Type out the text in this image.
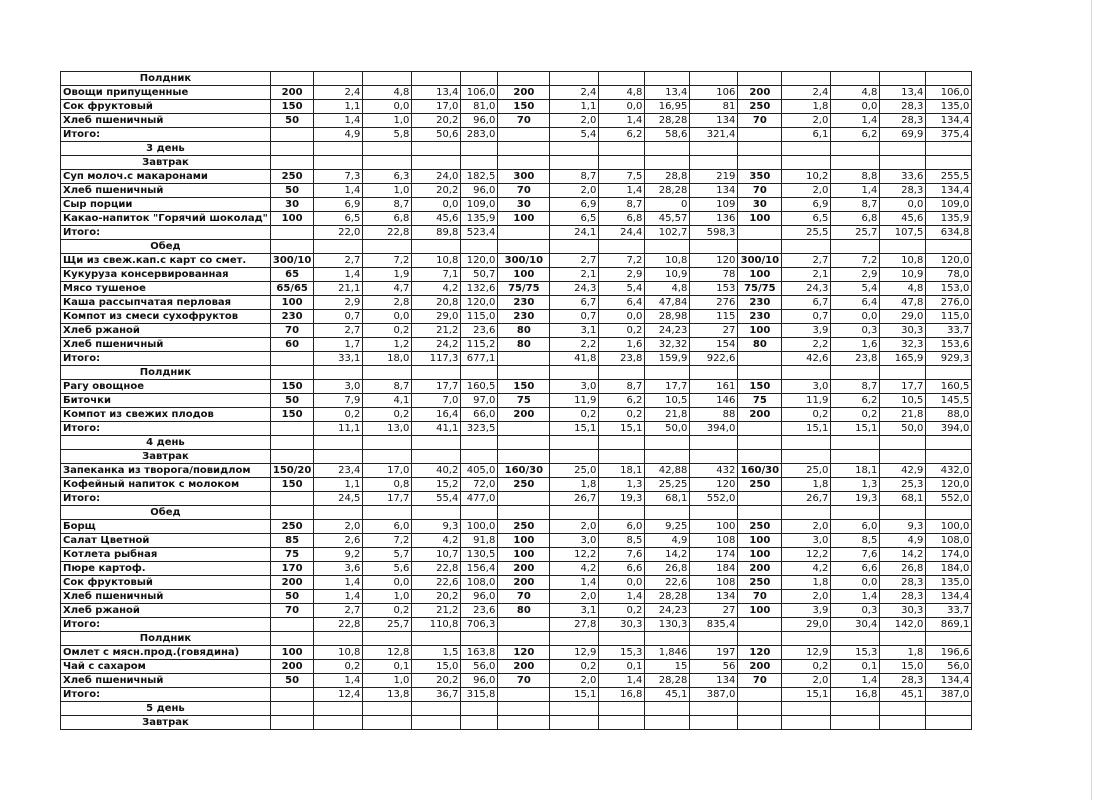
Полдник															
Овощи припущенные	200	2,4	4,8	13,4	106,0	200	2,4	4,8	13,4	106	200	2,4	4,8	13,4	106,0
Сок фруктовый	150	1,1	0,0	17,0	81,0	150	1,1	0,0	16,95	81	250	1,8	0,0	28,3	135,0
Хлеб пшеничный	50	1,4	1,0	20,2	96,0	70	2,0	1,4	28,28	134	70	2,0	1,4	28,3	134,4
Итого:		4,9	5,8	50,6	283,0		5,4	6,2	58,6	321,4		6,1	6,2	69,9	375,4
3 день															
Завтрак															
Суп молоч.с макаронами	250	7,3	6,3	24,0	182,5	300	8,7	7,5	28,8	219	350	10,2	8,8	33,6	255,5
Хлеб пшеничный	50	1,4	1,0	20,2	96,0	70	2,0	1,4	28,28	134	70	2,0	1,4	28,3	134,4
Сыр порции	30	6,9	8,7	0,0	109,0	30	6,9	8,7	0	109	30	6,9	8,7	0,0	109,0
Какао-напиток "Горячий шоколад"	100	6,5	6,8	45,6	135,9	100	6,5	6,8	45,57	136	100	6,5	6,8	45,6	135,9
Итого:		22,0	22,8	89,8	523,4		24,1	24,4	102,7	598,3		25,5	25,7	107,5	634,8
Обед															
Щи из свеж.кап.с карт со смет.	300/10	2,7	7,2	10,8	120,0	300/10	2,7	7,2	10,8	120	300/10	2,7	7,2	10,8	120,0
Кукуруза консервированная	65	1,4	1,9	7,1	50,7	100	2,1	2,9	10,9	78	100	2,1	2,9	10,9	78,0
Мясо тушеное	65/65	21,1	4,7	4,2	132,6	75/75	24,3	5,4	4,8	153	75/75	24,3	5,4	4,8	153,0
Каша рассыпчатая перловая	100	2,9	2,8	20,8	120,0	230	6,7	6,4	47,84	276	230	6,7	6,4	47,8	276,0
Компот из смеси сухофруктов	230	0,7	0,0	29,0	115,0	230	0,7	0,0	28,98	115	230	0,7	0,0	29,0	115,0
Хлеб ржаной	70	2,7	0,2	21,2	23,6	80	3,1	0,2	24,23	27	100	3,9	0,3	30,3	33,7
Хлеб пшеничный	60	1,7	1,2	24,2	115,2	80	2,2	1,6	32,32	154	80	2,2	1,6	32,3	153,6
Итого:		33,1	18,0	117,3	677,1		41,8	23,8	159,9	922,6		42,6	23,8	165,9	929,3
Полдник															
Рагу овощное	150	3,0	8,7	17,7	160,5	150	3,0	8,7	17,7	161	150	3,0	8,7	17,7	160,5
Биточки	50	7,9	4,1	7,0	97,0	75	11,9	6,2	10,5	146	75	11,9	6,2	10,5	145,5
Компот из свежих плодов	150	0,2	0,2	16,4	66,0	200	0,2	0,2	21,8	88	200	0,2	0,2	21,8	88,0
Итого:		11,1	13,0	41,1	323,5		15,1	15,1	50,0	394,0		15,1	15,1	50,0	394,0
4 день															
Завтрак															
Запеканка из творога/повидлом	150/20	23,4	17,0	40,2	405,0	160/30	25,0	18,1	42,88	432	160/30	25,0	18,1	42,9	432,0
Кофейный напиток с молоком	150	1,1	0,8	15,2	72,0	250	1,8	1,3	25,25	120	250	1,8	1,3	25,3	120,0
Итого:		24,5	17,7	55,4	477,0		26,7	19,3	68,1	552,0		26,7	19,3	68,1	552,0
Обед															
Борщ	250	2,0	6,0	9,3	100,0	250	2,0	6,0	9,25	100	250	2,0	6,0	9,3	100,0
Салат Цветной	85	2,6	7,2	4,2	91,8	100	3,0	8,5	4,9	108	100	3,0	8,5	4,9	108,0
Котлета рыбная	75	9,2	5,7	10,7	130,5	100	12,2	7,6	14,2	174	100	12,2	7,6	14,2	174,0
Пюре картоф.	170	3,6	5,6	22,8	156,4	200	4,2	6,6	26,8	184	200	4,2	6,6	26,8	184,0
Сок фруктовый	200	1,4	0,0	22,6	108,0	200	1,4	0,0	22,6	108	250	1,8	0,0	28,3	135,0
Хлеб пшеничный	50	1,4	1,0	20,2	96,0	70	2,0	1,4	28,28	134	70	2,0	1,4	28,3	134,4
Хлеб ржаной	70	2,7	0,2	21,2	23,6	80	3,1	0,2	24,23	27	100	3,9	0,3	30,3	33,7
Итого:		22,8	25,7	110,8	706,3		27,8	30,3	130,3	835,4		29,0	30,4	142,0	869,1
Полдник															
Омлет с мясн.прод.(говядина)	100	10,8	12,8	1,5	163,8	120	12,9	15,3	1,846	197	120	12,9	15,3	1,8	196,6
Чай с сахаром	200	0,2	0,1	15,0	56,0	200	0,2	0,1	15	56	200	0,2	0,1	15,0	56,0
Хлеб пшеничный	50	1,4	1,0	20,2	96,0	70	2,0	1,4	28,28	134	70	2,0	1,4	28,3	134,4
Итого:		12,4	13,8	36,7	315,8		15,1	16,8	45,1	387,0		15,1	16,8	45,1	387,0
5 день															
Завтрак															
